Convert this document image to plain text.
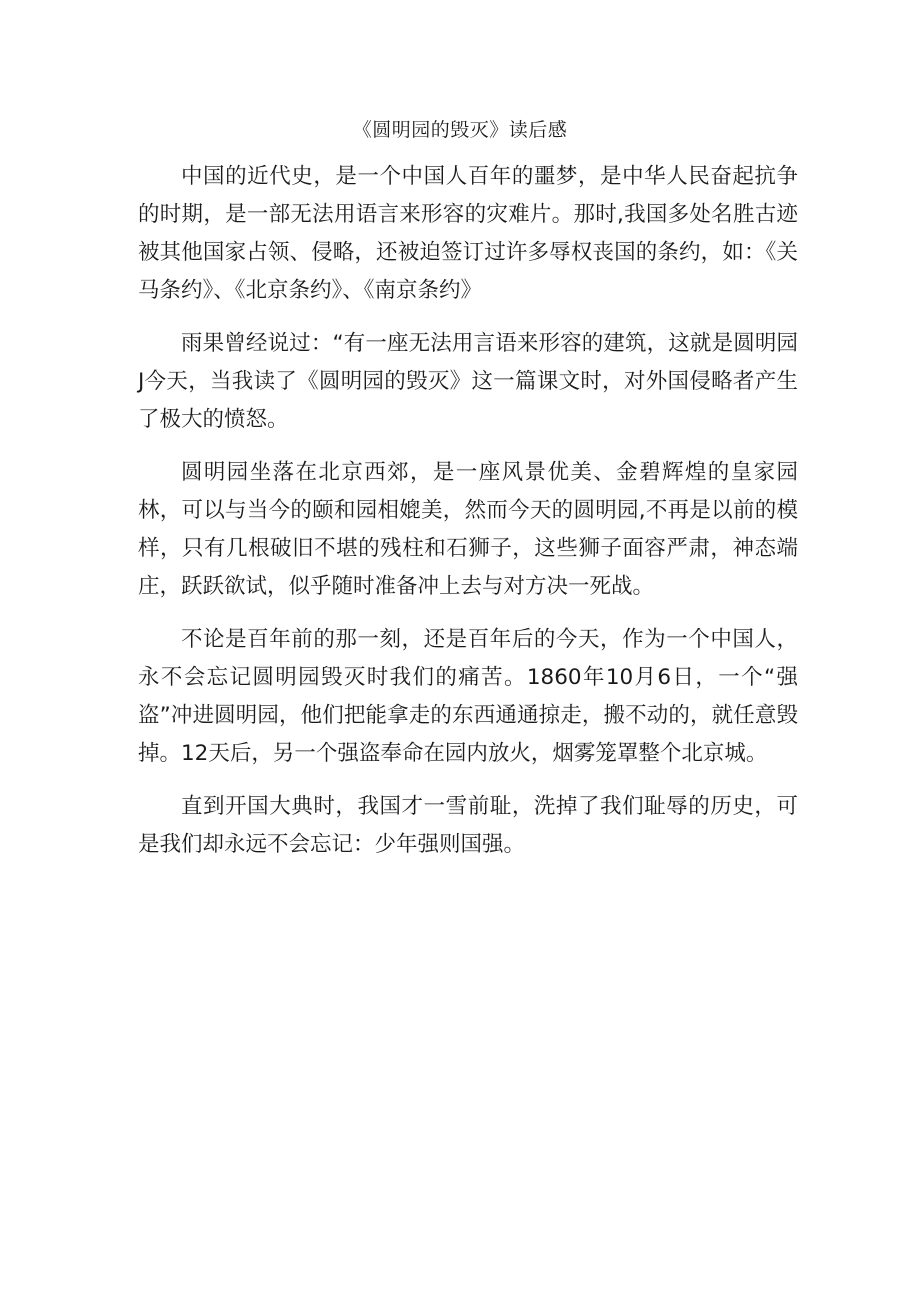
《圆明园的毁灭》读后感

中国的近代史，是一个中国人百年的噩梦，是中华人民奋起抗争的时期，是一部无法用语言来形容的灾难片。那时,我国多处名胜古迹被其他国家占领、侵略，还被迫签订过许多辱权丧国的条约，如：《关马条约》、《北京条约》、《南京条约》

雨果曾经说过：“有一座无法用言语来形容的建筑，这就是圆明园J今天，当我读了《圆明园的毁灭》这一篇课文时，对外国侵略者产生了极大的愤怒。

圆明园坐落在北京西郊，是一座风景优美、金碧辉煌的皇家园林，可以与当今的颐和园相媲美，然而今天的圆明园,不再是以前的模样，只有几根破旧不堪的残柱和石狮子，这些狮子面容严肃，神态端庄，跃跃欲试，似乎随时准备冲上去与对方决一死战。

不论是百年前的那一刻，还是百年后的今天，作为一个中国人，永不会忘记圆明园毁灭时我们的痛苦。1860年10月6日，一个“强盗”冲进圆明园，他们把能拿走的东西通通掠走，搬不动的，就任意毁掉。12天后，另一个强盗奉命在园内放火，烟雾笼罩整个北京城。

直到开国大典时，我国才一雪前耻，洗掉了我们耻辱的历史，可是我们却永远不会忘记：少年强则国强。
